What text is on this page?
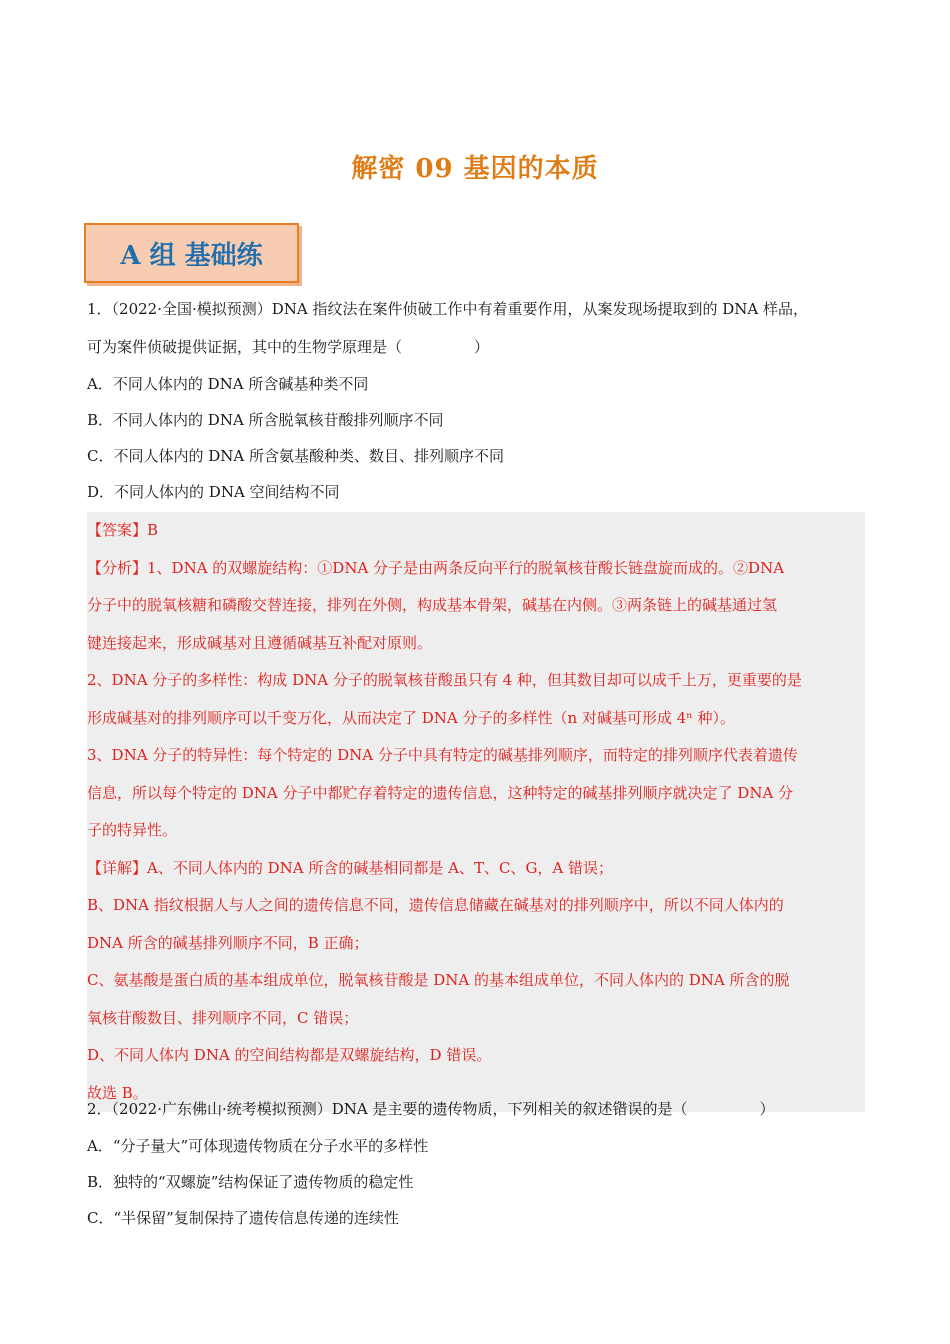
解密 09 基因的本质
A 组 基础练
1．（2022·全国·模拟预测）DNA 指纹法在案件侦破工作中有着重要作用，从案发现场提取到的 DNA 样品，
可为案件侦破提供证据，其中的生物学原理是（	）
A．不同人体内的 DNA 所含碱基种类不同
B．不同人体内的 DNA 所含脱氧核苷酸排列顺序不同
C．不同人体内的 DNA 所含氨基酸种类、数目、排列顺序不同
D．不同人体内的 DNA 空间结构不同
【答案】B
【分析】1、DNA 的双螺旋结构：①DNA 分子是由两条反向平行的脱氧核苷酸长链盘旋而成的。②DNA
分子中的脱氧核糖和磷酸交替连接，排列在外侧，构成基本骨架，碱基在内侧。③两条链上的碱基通过氢
键连接起来，形成碱基对且遵循碱基互补配对原则。
2、DNA 分子的多样性：构成 DNA 分子的脱氧核苷酸虽只有 4 种，但其数目却可以成千上万，更重要的是
形成碱基对的排列顺序可以千变万化，从而决定了 DNA 分子的多样性（n 对碱基可形成 4ⁿ 种）。
3、DNA 分子的特异性：每个特定的 DNA 分子中具有特定的碱基排列顺序，而特定的排列顺序代表着遗传
信息，所以每个特定的 DNA 分子中都贮存着特定的遗传信息，这种特定的碱基排列顺序就决定了 DNA 分
子的特异性。
【详解】A、不同人体内的 DNA 所含的碱基相同都是 A、T、C、G，A 错误；
B、DNA 指纹根据人与人之间的遗传信息不同，遗传信息储藏在碱基对的排列顺序中，所以不同人体内的
DNA 所含的碱基排列顺序不同，B 正确；
C、氨基酸是蛋白质的基本组成单位，脱氧核苷酸是 DNA 的基本组成单位，不同人体内的 DNA 所含的脱
氧核苷酸数目、排列顺序不同，C 错误；
D、不同人体内 DNA 的空间结构都是双螺旋结构，D 错误。
故选 B。
2．（2022·广东佛山·统考模拟预测）DNA 是主要的遗传物质，下列相关的叙述错误的是（	）
A．“分子量大”可体现遗传物质在分子水平的多样性
B．独特的“双螺旋”结构保证了遗传物质的稳定性
C．“半保留”复制保持了遗传信息传递的连续性
